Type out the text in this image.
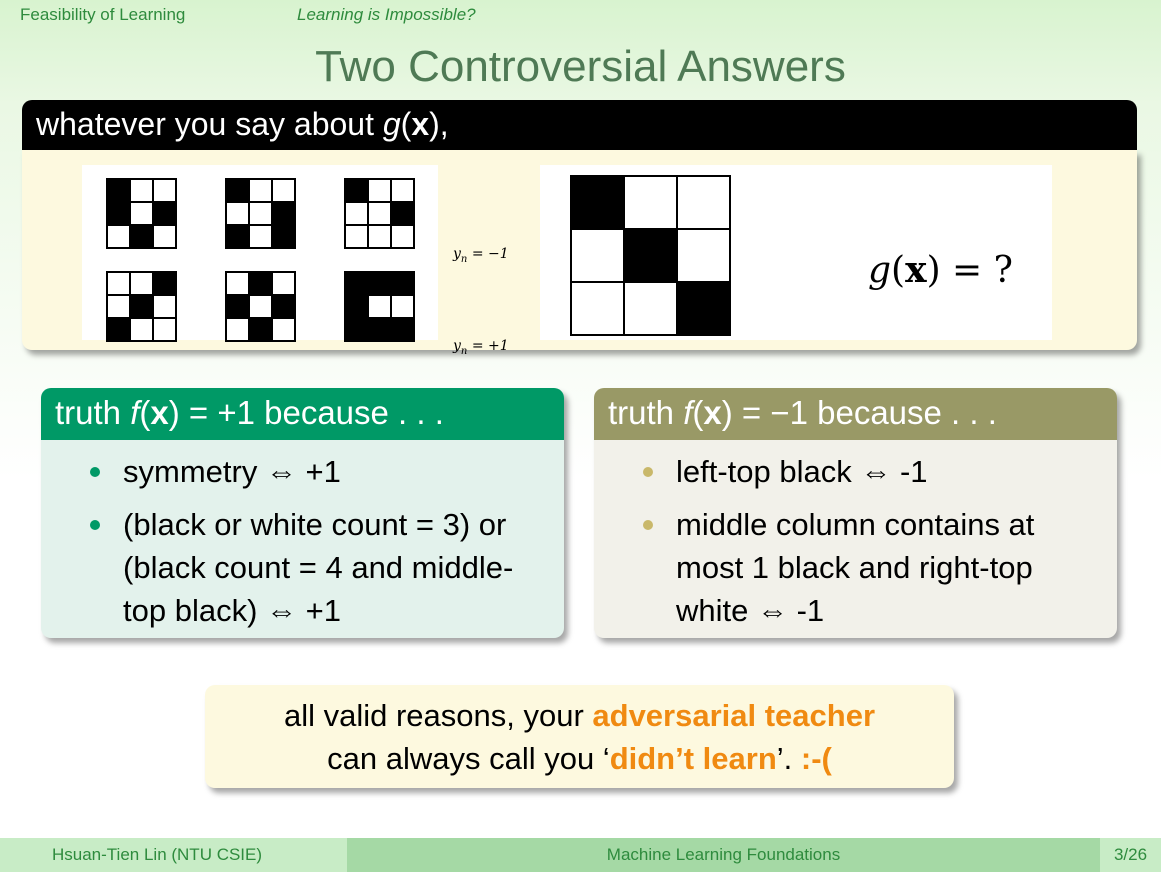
Feasibility of Learning	Learning is Impossible?
Two Controversial Answers
whatever you say about g(x),
$y_n = -1$
$y_n = +1$
g(x) = ?
truth f(x) = +1 because . . .
symmetry ⇔ +1
(black or white count = 3) or (black count = 4 and middle-top black) ⇔ +1
truth f(x) = −1 because . . .
left-top black ⇔ -1
middle column contains at most 1 black and right-top white ⇔ -1
all valid reasons, your adversarial teacher
can always call you ‘didn’t learn’. :-(
Hsuan-Tien Lin (NTU CSIE)	Machine Learning Foundations	3/26
